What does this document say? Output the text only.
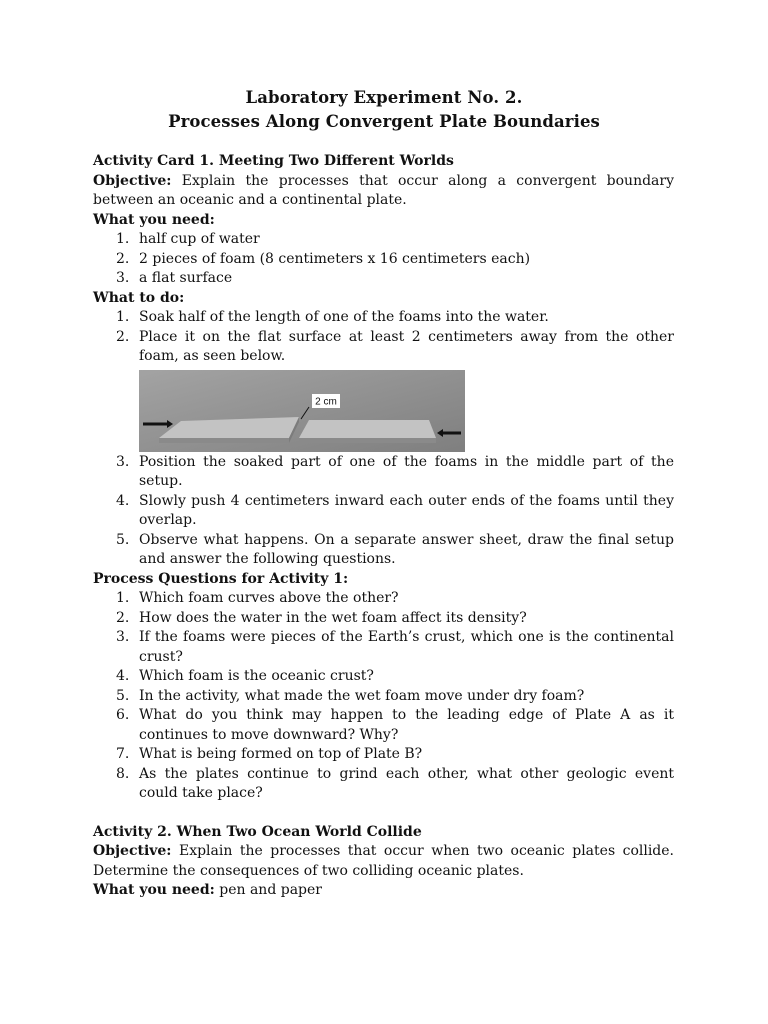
Laboratory Experiment No. 2.
Processes Along Convergent Plate Boundaries

Activity Card 1. Meeting Two Different Worlds

Objective: Explain the processes that occur along a convergent boundary between an oceanic and a continental plate.

What you need:

1. half cup of water
2. 2 pieces of foam (8 centimeters x 16 centimeters each)
3. a flat surface

What to do:

1. Soak half of the length of one of the foams into the water.
2. Place it on the flat surface at least 2 centimeters away from the other foam, as seen below.
2 cm
3. Position the soaked part of one of the foams in the middle part of the setup.
4. Slowly push 4 centimeters inward each outer ends of the foams until they overlap.
5. Observe what happens. On a separate answer sheet, draw the final setup and answer the following questions.

Process Questions for Activity 1:

1. Which foam curves above the other?
2. How does the water in the wet foam affect its density?
3. If the foams were pieces of the Earth’s crust, which one is the continental crust?
4. Which foam is the oceanic crust?
5. In the activity, what made the wet foam move under dry foam?
6. What do you think may happen to the leading edge of Plate A as it continues to move downward? Why?
7. What is being formed on top of Plate B?
8. As the plates continue to grind each other, what other geologic event could take place?

Activity 2. When Two Ocean World Collide

Objective: Explain the processes that occur when two oceanic plates collide. Determine the consequences of two colliding oceanic plates.

What you need: pen and paper
